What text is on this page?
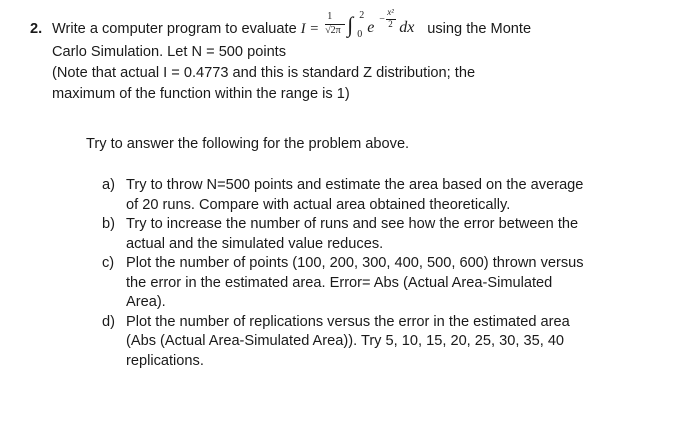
2. Write a computer program to evaluate I =
1
√2π ∫ 2
0 e −
x²
2 dx using the Monte
Carlo Simulation. Let N = 500 points
(Note that actual I = 0.4773 and this is standard Z distribution; the
maximum of the function within the range is 1)
Try to answer the following for the problem above.
a) Try to throw N=500 points and estimate the area based on the average
of 20 runs. Compare with actual area obtained theoretically.
b) Try to increase the number of runs and see how the error between the
actual and the simulated value reduces.
c) Plot the number of points (100, 200, 300, 400, 500, 600) thrown versus
the error in the estimated area. Error= Abs (Actual Area-Simulated
Area).
d) Plot the number of replications versus the error in the estimated area
(Abs (Actual Area-Simulated Area)). Try 5, 10, 15, 20, 25, 30, 35, 40
replications.
